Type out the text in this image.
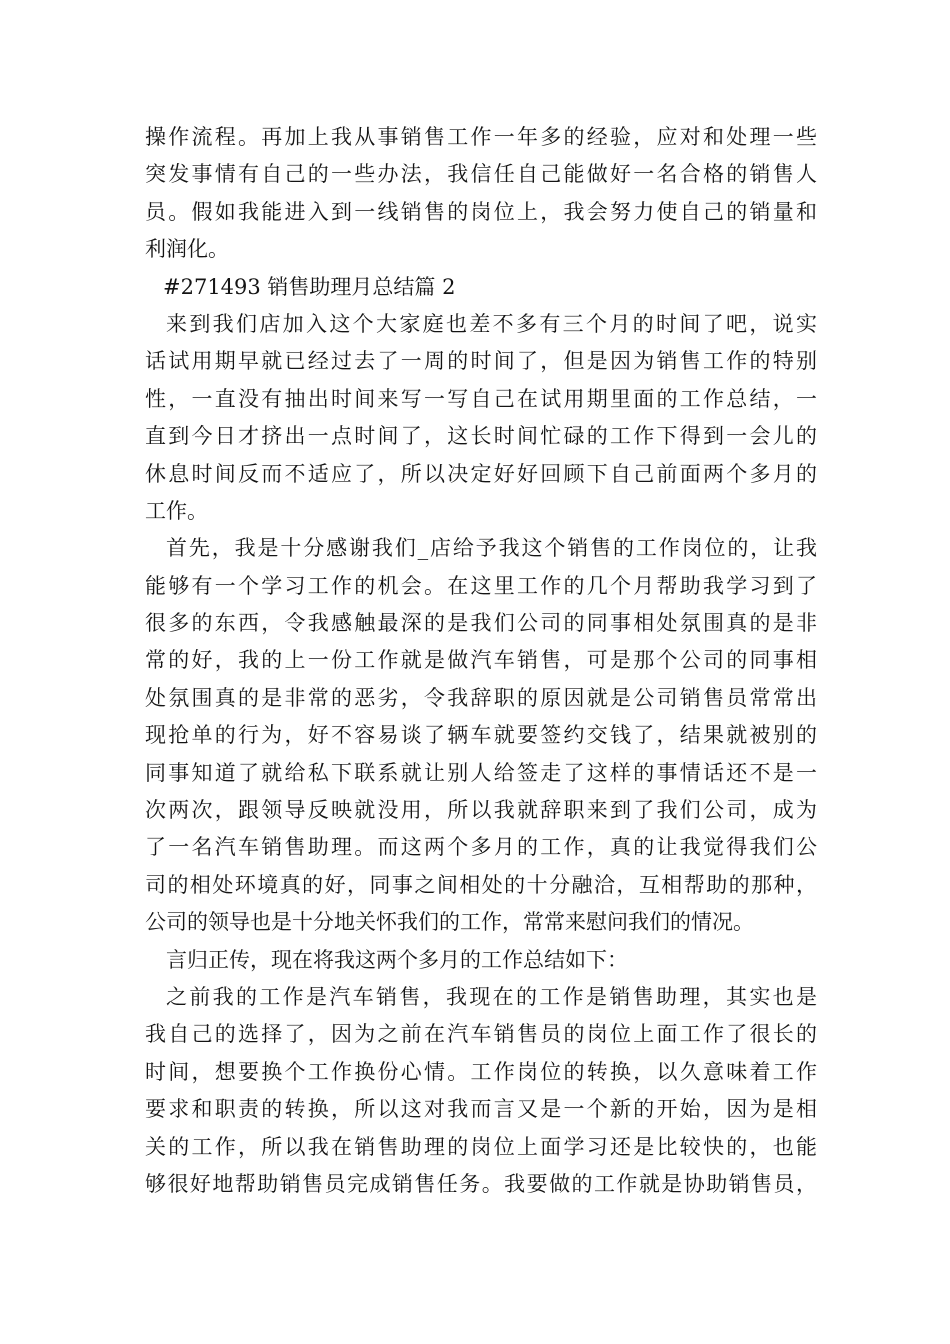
操作流程。再加上我从事销售工作一年多的经验，应对和处理一些
突发事情有自己的一些办法，我信任自己能做好一名合格的销售人
员。假如我能进入到一线销售的岗位上，我会努力使自己的销量和
利润化。
#271493 销售助理月总结篇 2
来到我们店加入这个大家庭也差不多有三个月的时间了吧，说实
话试用期早就已经过去了一周的时间了，但是因为销售工作的特别
性，一直没有抽出时间来写一写自己在试用期里面的工作总结，一
直到今日才挤出一点时间了，这长时间忙碌的工作下得到一会儿的
休息时间反而不适应了，所以决定好好回顾下自己前面两个多月的
工作。
首先，我是十分感谢我们_店给予我这个销售的工作岗位的，让我
能够有一个学习工作的机会。在这里工作的几个月帮助我学习到了
很多的东西，令我感触最深的是我们公司的同事相处氛围真的是非
常的好，我的上一份工作就是做汽车销售，可是那个公司的同事相
处氛围真的是非常的恶劣，令我辞职的原因就是公司销售员常常出
现抢单的行为，好不容易谈了辆车就要签约交钱了，结果就被别的
同事知道了就给私下联系就让别人给签走了这样的事情话还不是一
次两次，跟领导反映就没用，所以我就辞职来到了我们公司，成为
了一名汽车销售助理。而这两个多月的工作，真的让我觉得我们公
司的相处环境真的好，同事之间相处的十分融洽，互相帮助的那种，
公司的领导也是十分地关怀我们的工作，常常来慰问我们的情况。
言归正传，现在将我这两个多月的工作总结如下：
之前我的工作是汽车销售，我现在的工作是销售助理，其实也是
我自己的选择了，因为之前在汽车销售员的岗位上面工作了很长的
时间，想要换个工作换份心情。工作岗位的转换，以久意味着工作
要求和职责的转换，所以这对我而言又是一个新的开始，因为是相
关的工作，所以我在销售助理的岗位上面学习还是比较快的，也能
够很好地帮助销售员完成销售任务。我要做的工作就是协助销售员，
